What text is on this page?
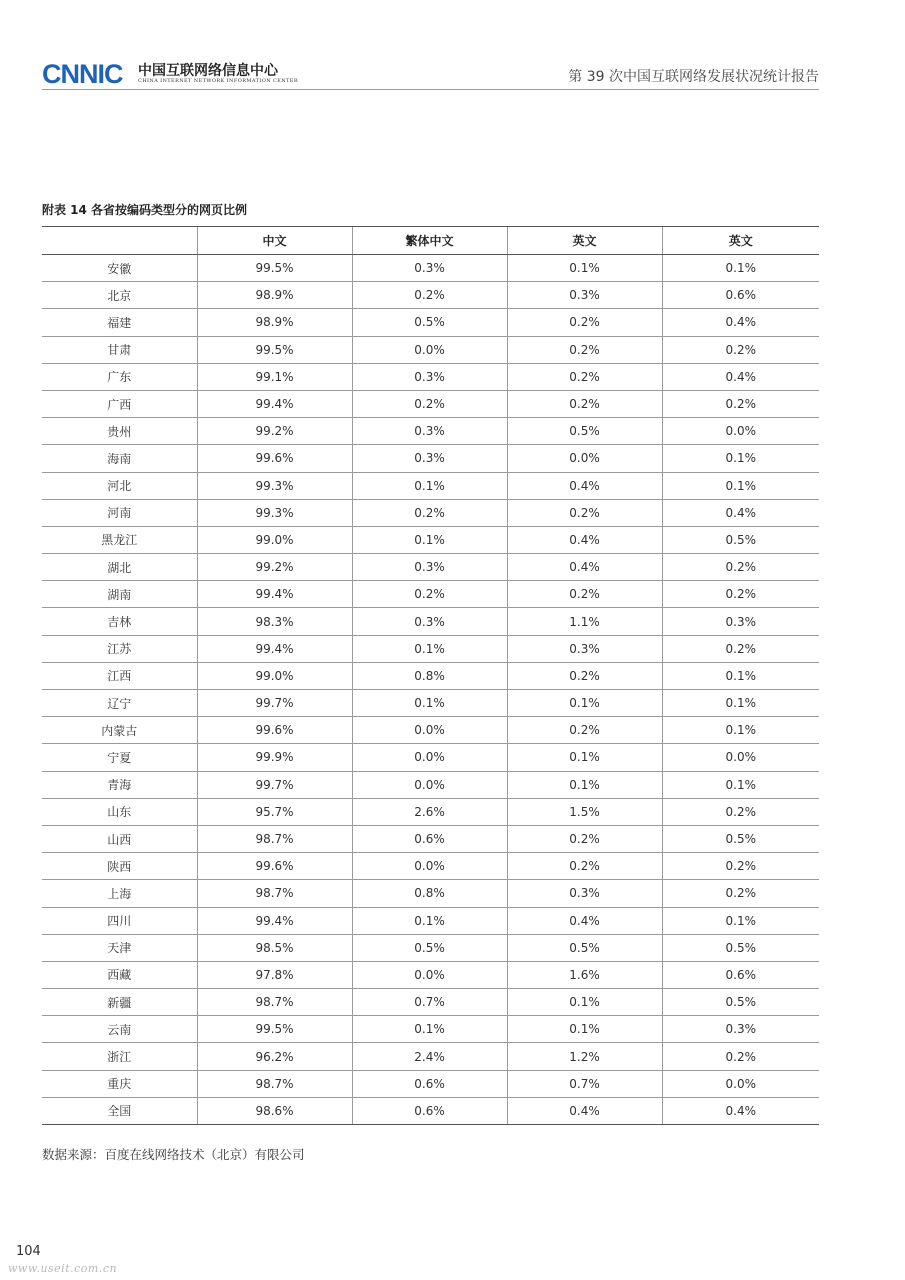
CNNIC 中国互联网络信息中心
CHINA INTERNET NETWORK INFORMATION CENTER	第 39 次中国互联网络发展状况统计报告
附表 14 各省按编码类型分的网页比例
	中文	繁体中文	英文	英文
安徽	99.5%	0.3%	0.1%	0.1%
北京	98.9%	0.2%	0.3%	0.6%
福建	98.9%	0.5%	0.2%	0.4%
甘肃	99.5%	0.0%	0.2%	0.2%
广东	99.1%	0.3%	0.2%	0.4%
广西	99.4%	0.2%	0.2%	0.2%
贵州	99.2%	0.3%	0.5%	0.0%
海南	99.6%	0.3%	0.0%	0.1%
河北	99.3%	0.1%	0.4%	0.1%
河南	99.3%	0.2%	0.2%	0.4%
黑龙江	99.0%	0.1%	0.4%	0.5%
湖北	99.2%	0.3%	0.4%	0.2%
湖南	99.4%	0.2%	0.2%	0.2%
吉林	98.3%	0.3%	1.1%	0.3%
江苏	99.4%	0.1%	0.3%	0.2%
江西	99.0%	0.8%	0.2%	0.1%
辽宁	99.7%	0.1%	0.1%	0.1%
内蒙古	99.6%	0.0%	0.2%	0.1%
宁夏	99.9%	0.0%	0.1%	0.0%
青海	99.7%	0.0%	0.1%	0.1%
山东	95.7%	2.6%	1.5%	0.2%
山西	98.7%	0.6%	0.2%	0.5%
陕西	99.6%	0.0%	0.2%	0.2%
上海	98.7%	0.8%	0.3%	0.2%
四川	99.4%	0.1%	0.4%	0.1%
天津	98.5%	0.5%	0.5%	0.5%
西藏	97.8%	0.0%	1.6%	0.6%
新疆	98.7%	0.7%	0.1%	0.5%
云南	99.5%	0.1%	0.1%	0.3%
浙江	96.2%	2.4%	1.2%	0.2%
重庆	98.7%	0.6%	0.7%	0.0%
全国	98.6%	0.6%	0.4%	0.4%
数据来源：百度在线网络技术（北京）有限公司
104
www.useit.com.cn
